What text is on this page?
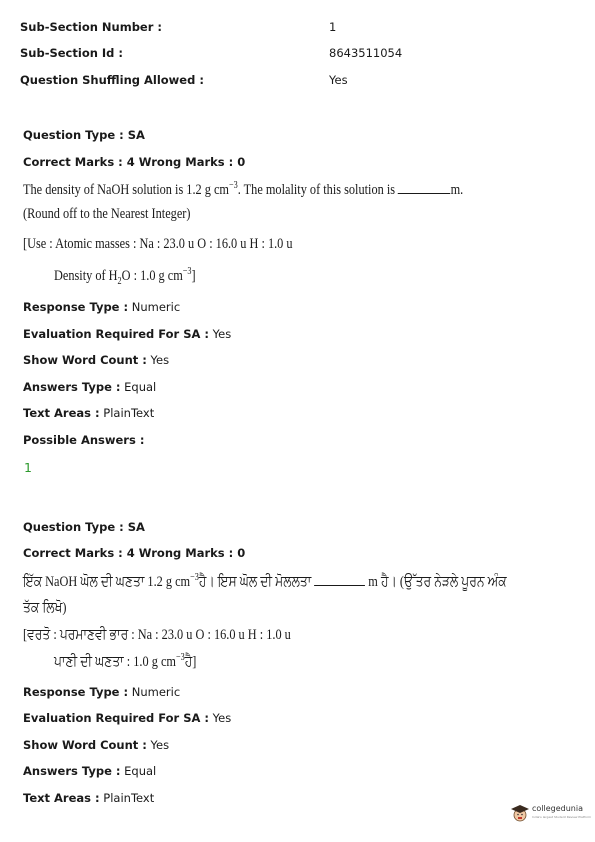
Sub-Section Number :	1
Sub-Section Id :	8643511054
Question Shuffling Allowed :	Yes
Question Type : SA
Correct Marks : 4 Wrong Marks : 0
The density of NaOH solution is 1.2 g $cm^{-3}$. The molality of this solution is	m.
(Round off to the Nearest Integer)
[Use : Atomic masses : Na : 23.0 u O : 16.0 u H : 1.0 u
Density of $H_2O$ : 1.0 g $cm^{-3}$]
Response Type : Numeric
Evaluation Required For SA : Yes
Show Word Count : Yes
Answers Type : Equal
Text Areas : PlainText
Possible Answers :
1
Question Type : SA
Correct Marks : 4 Wrong Marks : 0
ਇੱਕ NaOH ਘੋਲ ਦੀ ਘਣਤਾ 1.2 g $cm^{-3}ਹੈ।$ ਇਸ ਘੋਲ ਦੀ ਮੋਲਲਤਾ	m ਹੈ। (ਉੱਤਰ ਨੇੜਲੇ ਪੂਰਨ ਅੰਕ
ਤੱਕ ਲਿਖੋ)
[ਵਰਤੋ : ਪਰਮਾਣਵੀ ਭਾਰ : Na : 23.0 u O : 16.0 u H : 1.0 u
ਪਾਣੀ ਦੀ ਘਣਤਾ : 1.0 g $cm^{-3}ਹੈ$]
Response Type : Numeric
Evaluation Required For SA : Yes
Show Word Count : Yes
Answers Type : Equal
Text Areas : PlainText
collegedunia
India's largest Student Review Platform
